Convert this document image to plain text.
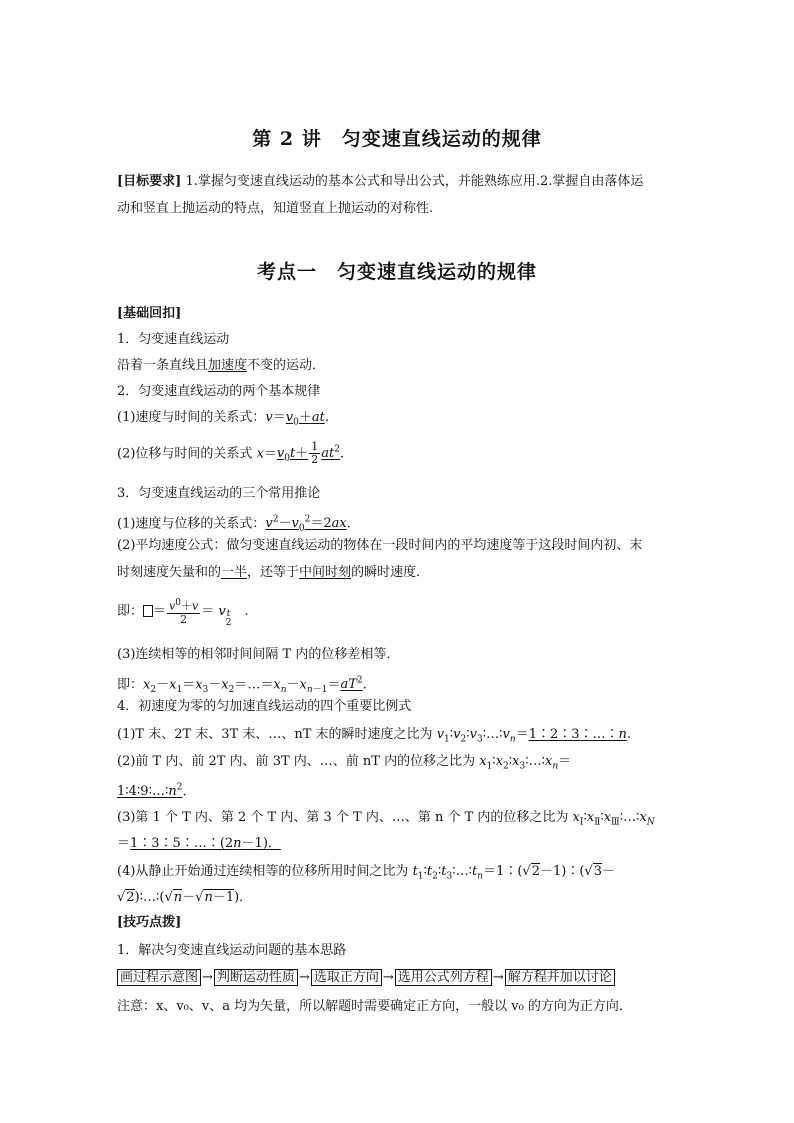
第 2 讲　匀变速直线运动的规律
[目标要求] 1.掌握匀变速直线运动的基本公式和导出公式，并能熟练应用.2.掌握自由落体运
动和竖直上抛运动的特点，知道竖直上抛运动的对称性.
考点一　匀变速直线运动的规律
[基础回扣]
1．匀变速直线运动
沿着一条直线且加速度不变的运动．
2．匀变速直线运动的两个基本规律
(1)速度与时间的关系式：$v=v_0+at$.
(2)位移与时间的关系式 $x=v_0t+ \frac{1}{2} at^2$.
3．匀变速直线运动的三个常用推论
(1)速度与位移的关系式：$v^2-v_0^2=2ax$.
(2)平均速度公式：做匀变速直线运动的物体在一段时间内的平均速度等于这段时间内初、末
时刻速度矢量和的一半，还等于中间时刻的瞬时速度．
即： ＝ $\frac{v^0+v}{2}$ ＝ vt
2　.
(3)连续相等的相邻时间间隔 T 内的位移差相等．
即：$x_2-x_1=x_3-x_2=\dots=x_n-x_{n-1}=aT^2$.
4．初速度为零的匀加速直线运动的四个重要比例式
(1)T 末、2T 末、3T 末、…、nT 末的瞬时速度之比为 $v_1∶v_2∶v_3∶\dots∶v_n=1∶2∶3∶\dots∶n$.
(2)前 T 内、前 2T 内、前 3T 内、…、前 nT 内的位移之比为 $x_1∶x_2∶x_3∶\dots∶x_n=$
$1∶4∶9∶\dots∶n^2$.
(3)第 1 个 T 内、第 2 个 T 内、第 3 个 T 内、…、第 n 个 T 内的位移之比为 $x_Ⅰ∶x_Ⅱ∶x_Ⅲ∶\dots∶x_N$
＝1∶3∶5∶…∶(2n－1)．
(4)从静止开始通过连续相等的位移所用时间之比为 $t_1∶t_2∶t_3∶\dots∶t_n=1∶(√2-1)∶(√3-$
√2)∶…∶(√n－√n－1)．
[技巧点拨]
1．解决匀变速直线运动问题的基本思路
画过程示意图 → 判断运动性质 → 选取正方向 → 选用公式列方程 → 解方程并加以讨论
注意：x、v₀、v、a 均为矢量，所以解题时需要确定正方向，一般以 v₀ 的方向为正方向．
